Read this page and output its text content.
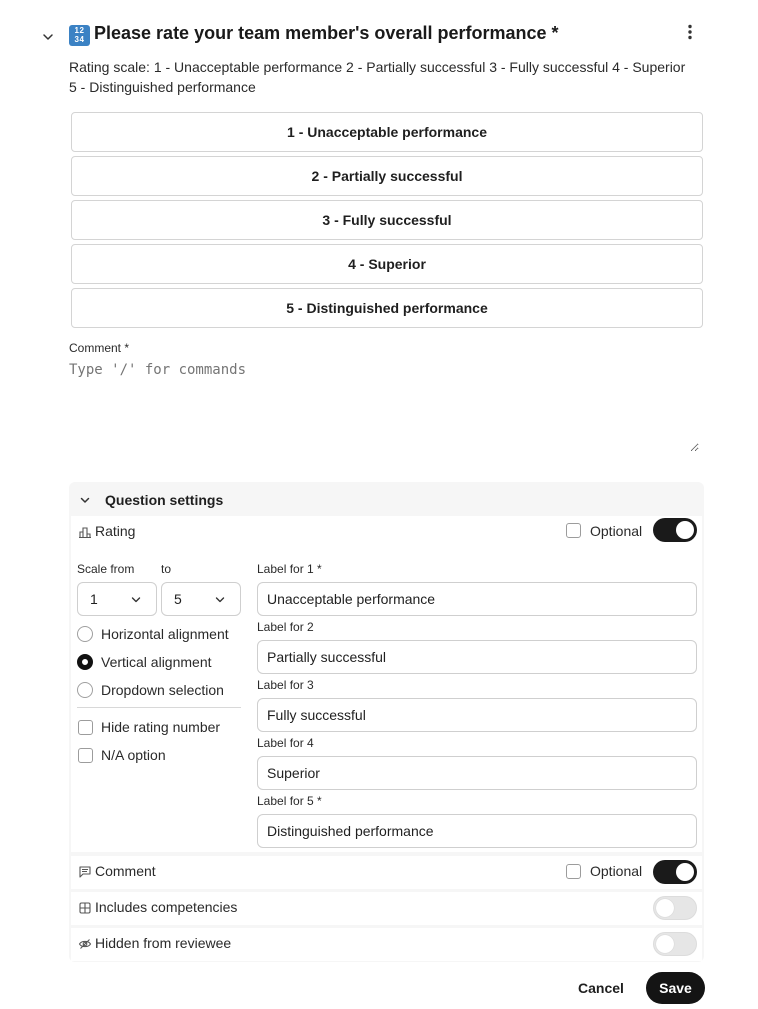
12
34 Please rate your team member's overall performance *
Rating scale: 1 - Unacceptable performance 2 - Partially successful 3 - Fully successful 4 - Superior 5 - Distinguished performance
1 - Unacceptable performance
2 - Partially successful
3 - Fully successful
4 - Superior
5 - Distinguished performance
Comment *
Type '/' for commands
Question settings
Rating	Optional
Scale from to
1	5
Horizontal alignment
Vertical alignment
Dropdown selection
Hide rating number
N/A option
Label for 1 *
Unacceptable performance
Label for 2
Partially successful
Label for 3
Fully successful
Label for 4
Superior
Label for 5 *
Distinguished performance
Comment	Optional
Includes competencies
Hidden from reviewee
Cancel	Save
